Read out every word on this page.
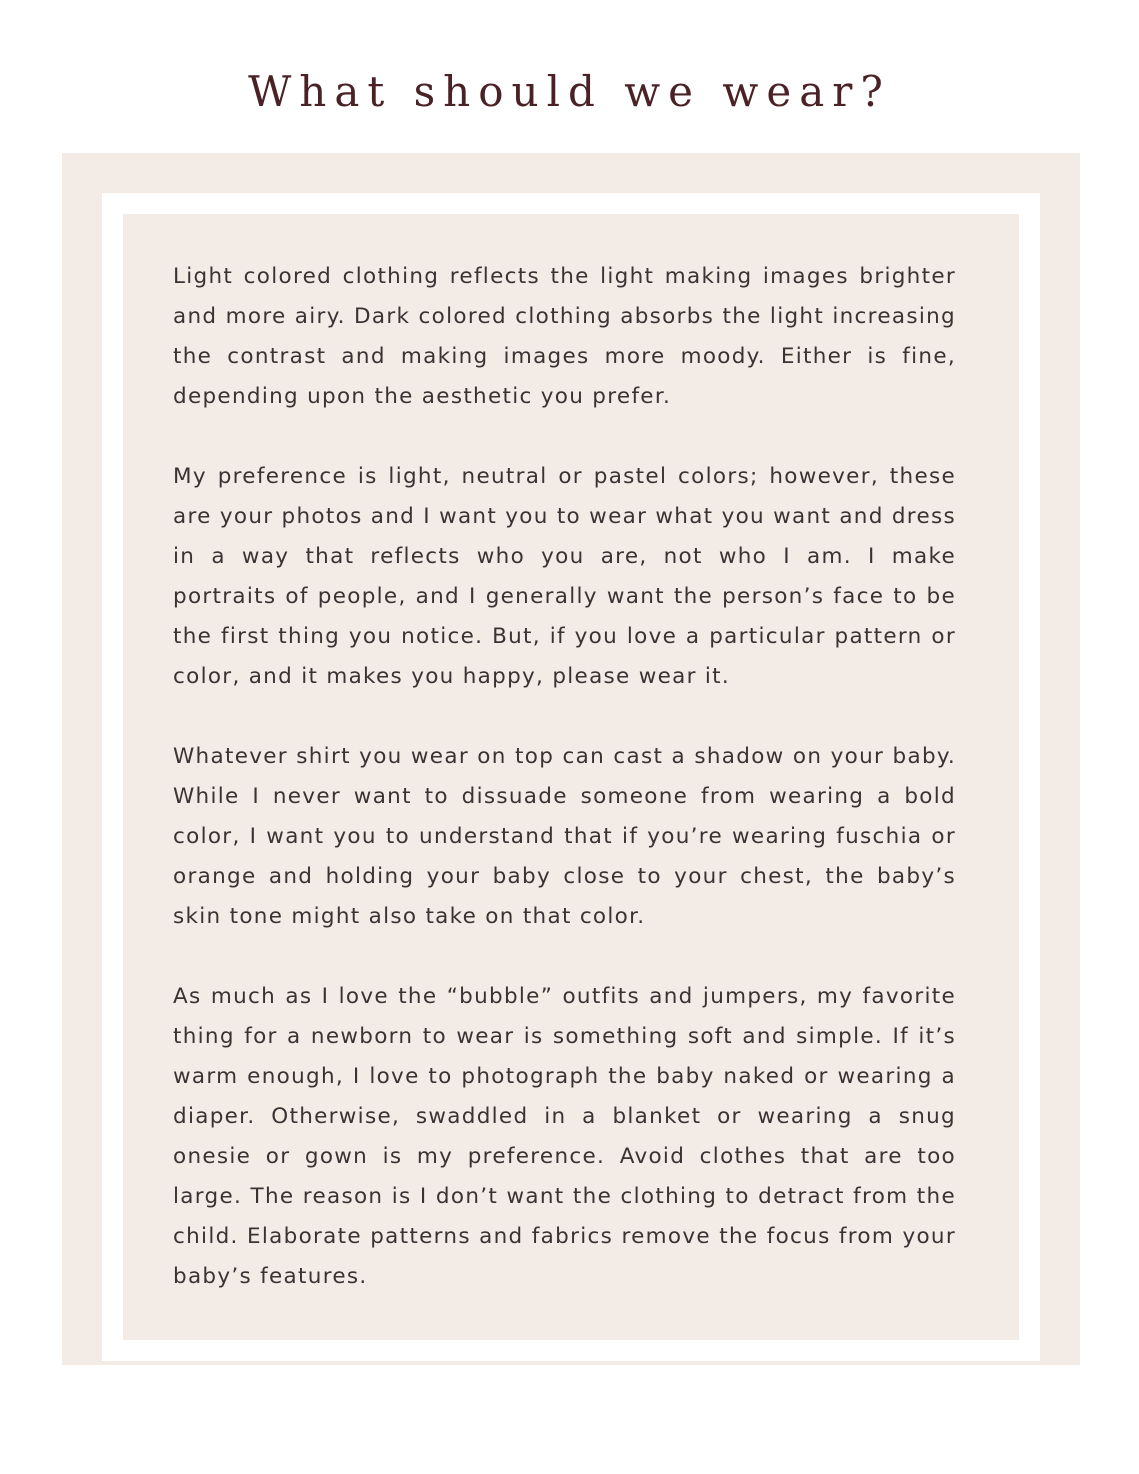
What should we wear?

Light colored clothing reflects the light making images brighter and more airy. Dark colored clothing absorbs the light increasing the contrast and making images more moody. Either is fine, depending upon the aesthetic you prefer.

My preference is light, neutral or pastel colors; however, these are your photos and I want you to wear what you want and dress in a way that reflects who you are, not who I am. I make portraits of people, and I generally want the person’s face to be the first thing you notice. But, if you love a particular pattern or color, and it makes you happy, please wear it.

Whatever shirt you wear on top can cast a shadow on your baby. While I never want to dissuade someone from wearing a bold color, I want you to understand that if you’re wearing fuschia or orange and holding your baby close to your chest, the baby’s skin tone might also take on that color.

As much as I love the “bubble” outfits and jumpers, my favorite thing for a newborn to wear is something soft and simple. If it’s warm enough, I love to photograph the baby naked or wearing a diaper. Otherwise, swaddled in a blanket or wearing a snug onesie or gown is my preference. Avoid clothes that are too large. The reason is I don’t want the clothing to detract from the child. Elaborate patterns and fabrics remove the focus from your baby’s features.
